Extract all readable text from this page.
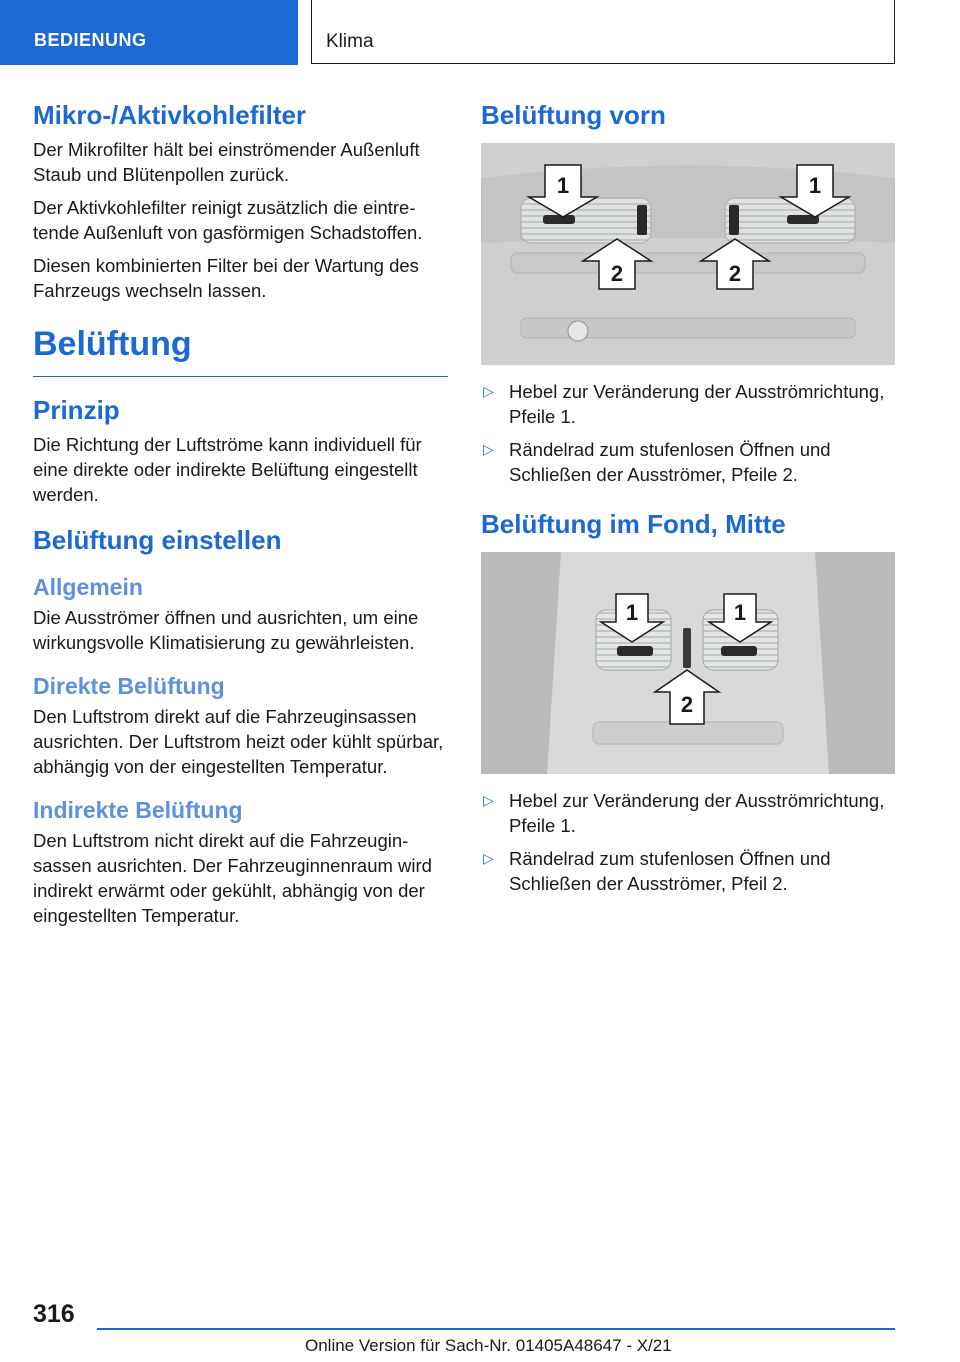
BEDIENUNG	Klima
Mikro-/Aktivkohlefilter

Der Mikrofilter hält bei einströmender Außenluft Staub und Blütenpollen zurück.

Der Aktivkohlefilter reinigt zusätzlich die eintretende Außenluft von gasförmigen Schadstoffen.

Diesen kombinierten Filter bei der Wartung des Fahrzeugs wechseln lassen.

Belüftung
Prinzip

Die Richtung der Luftströme kann individuell für eine direkte oder indirekte Belüftung eingestellt werden.

Belüftung einstellen
Allgemein

Die Ausströmer öffnen und ausrichten, um eine wirkungsvolle Klimatisierung zu gewährleisten.

Direkte Belüftung

Den Luftstrom direkt auf die Fahrzeuginsassen ausrichten. Der Luftstrom heizt oder kühlt spürbar, abhängig von der eingestellten Temperatur.

Indirekte Belüftung

Den Luftstrom nicht direkt auf die Fahrzeuginsassen ausrichten. Der Fahrzeuginnenraum wird indirekt erwärmt oder gekühlt, abhängig von der eingestellten Temperatur.

Belüftung vorn
1	1
2	2
▷ Hebel zur Veränderung der Ausströmrichtung, Pfeile 1.
▷ Rändelrad zum stufenlosen Öffnen und Schließen der Ausströmer, Pfeile 2.
Belüftung im Fond, Mitte
1	1
2
▷ Hebel zur Veränderung der Ausströmrichtung, Pfeile 1.
▷ Rändelrad zum stufenlosen Öffnen und Schließen der Ausströmer, Pfeil 2.
316
Online Version für Sach-Nr. 01405A48647 - X/21
